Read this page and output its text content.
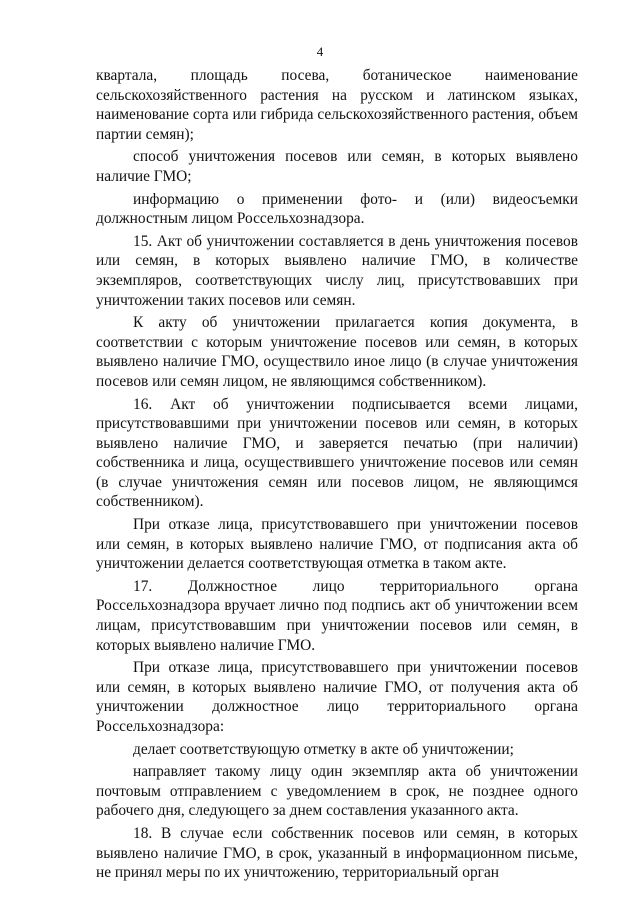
4

квартала, площадь посева, ботаническое наименование сельскохозяйственного растения на русском и латинском языках, наименование сорта или гибрида сельскохозяйственного растения, объем партии семян);

способ уничтожения посевов или семян, в которых выявлено наличие ГМО;

информацию о применении фото- и (или) видеосъемки должностным лицом Россельхознадзора.

15. Акт об уничтожении составляется в день уничтожения посевов или семян, в которых выявлено наличие ГМО, в количестве экземпляров, соответствующих числу лиц, присутствовавших при уничтожении таких посевов или семян.

К акту об уничтожении прилагается копия документа, в соответствии с которым уничтожение посевов или семян, в которых выявлено наличие ГМО, осуществило иное лицо (в случае уничтожения посевов или семян лицом, не являющимся собственником).

16. Акт об уничтожении подписывается всеми лицами, присутствовавшими при уничтожении посевов или семян, в которых выявлено наличие ГМО, и заверяется печатью (при наличии) собственника и лица, осуществившего уничтожение посевов или семян (в случае уничтожения семян или посевов лицом, не являющимся собственником).

При отказе лица, присутствовавшего при уничтожении посевов или семян, в которых выявлено наличие ГМО, от подписания акта об уничтожении делается соответствующая отметка в таком акте.

17. Должностное лицо территориального органа Россельхознадзора вручает лично под подпись акт об уничтожении всем лицам, присутствовавшим при уничтожении посевов или семян, в которых выявлено наличие ГМО.

При отказе лица, присутствовавшего при уничтожении посевов или семян, в которых выявлено наличие ГМО, от получения акта об уничтожении должностное лицо территориального органа Россельхознадзора:

делает соответствующую отметку в акте об уничтожении;

направляет такому лицу один экземпляр акта об уничтожении почтовым отправлением с уведомлением в срок, не позднее одного рабочего дня, следующего за днем составления указанного акта.

18. В случае если собственник посевов или семян, в которых выявлено наличие ГМО, в срок, указанный в информационном письме, не принял меры по их уничтожению, территориальный орган
